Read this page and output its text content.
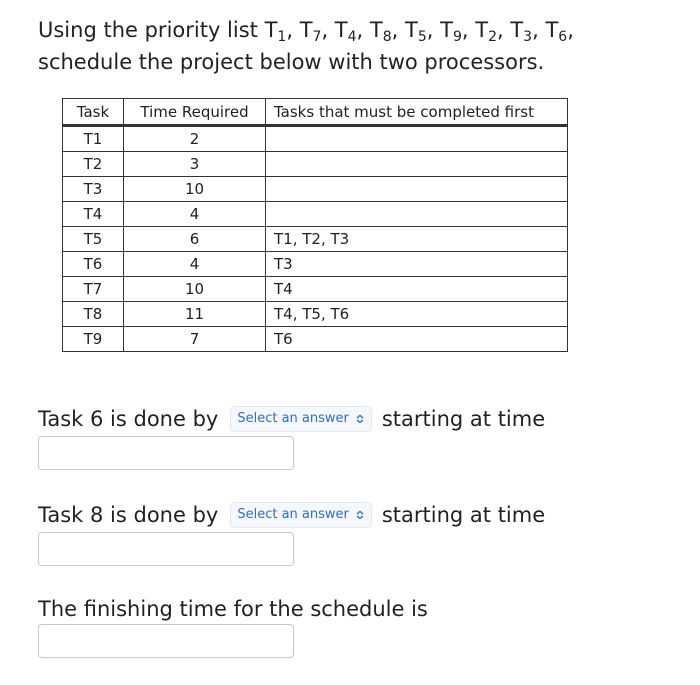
Using the priority list $T_1$, $T_7$, $T_4$, $T_8$, $T_5$, $T_9$, $T_2$, $T_3$, $T_6$,
schedule the project below with two processors.

Task	Time Required	Tasks that must be completed first
T1	2	
T2	3	
T3	10	
T4	4	
T5	6	T1, T2, T3
T6	4	T3
T7	10	T4
T8	11	T4, T5, T6
T9	7	T6
Task 6 is done by Select an answer starting at time
Task 8 is done by Select an answer starting at time
The finishing time for the schedule is
